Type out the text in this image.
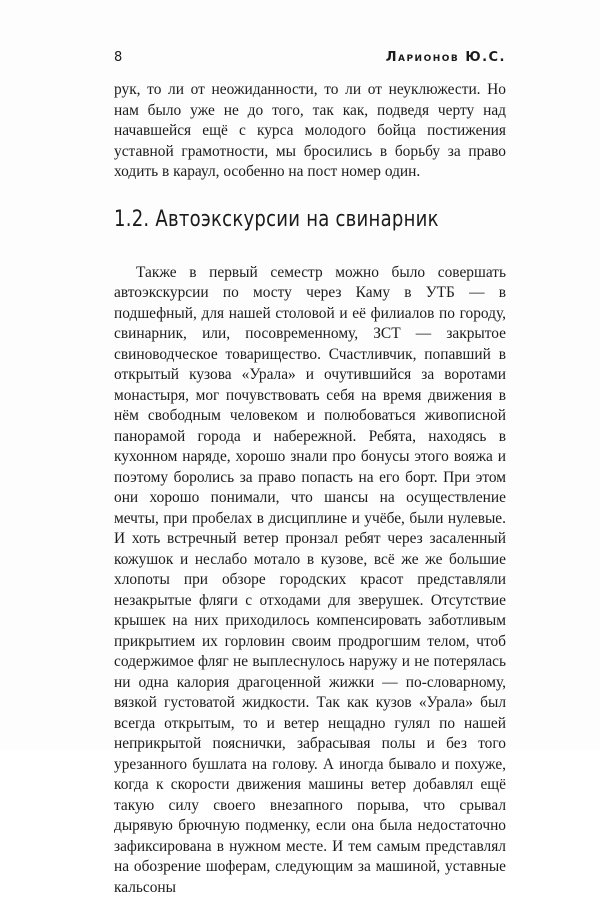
8	Ларионов Ю.С.

рук, то ли от неожиданности, то ли от неуклюжести. Но нам было уже не до того, так как, подведя черту над начавшейся ещё с курса молодого бойца постижения уставной грамотности, мы бросились в борьбу за право ходить в караул, особенно на пост номер один.

1.2. Автоэкскурсии на свинарник

Также в первый семестр можно было совершать автоэкскурсии по мосту через Каму в УТБ — в подшефный, для нашей столовой и её филиалов по городу, свинарник, или, посовременному, ЗСТ — закрытое свиноводческое товарищество. Счастливчик, попавший в открытый кузова «Урала» и очутившийся за воротами монастыря, мог почувствовать себя на время движения в нём свободным человеком и полюбоваться живописной панорамой города и набережной. Ребята, находясь в кухонном наряде, хорошо знали про бонусы этого вояжа и поэтому боролись за право попасть на его борт. При этом они хорошо понимали, что шансы на осуществление мечты, при пробелах в дисциплине и учёбе, были нулевые. И хоть встречный ветер пронзал ребят через засаленный кожушок и неслабо мотало в кузове, всё же же большие хлопоты при обзоре городских красот представляли незакрытые фляги с отходами для зверушек. Отсутствие крышек на них приходилось компенсировать заботливым прикрытием их горловин своим продрогшим телом, чтоб содержимое фляг не выплеснулось наружу и не потерялась ни одна калория драгоценной жижки — по-словарному, вязкой густоватой жидкости. Так как кузов «Урала» был всегда открытым, то и ветер нещадно гулял по нашей неприкрытой пояснички, забрасывая полы и без того урезанного бушлата на голову. А иногда бывало и похуже, когда к скорости движения машины ветер добавлял ещё такую силу своего внезапного порыва, что срывал дырявую брючную подменку, если она была недостаточно зафиксирована в нужном месте. И тем самым представлял на обозрение шоферам, следующим за машиной, уставные кальсоны
